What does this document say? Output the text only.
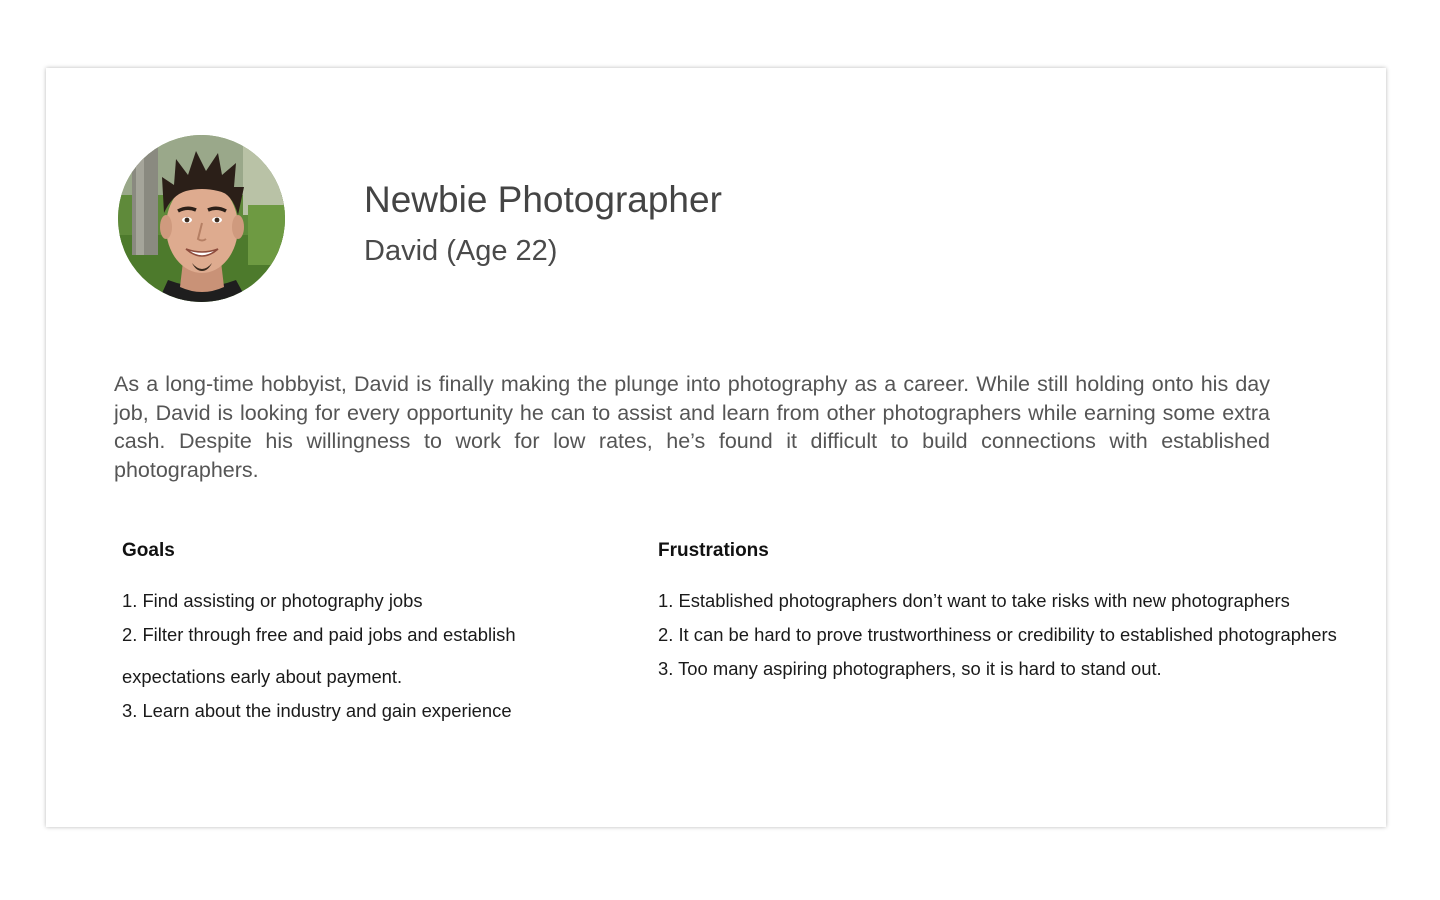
Newbie Photographer
David (Age 22)

As a long-time hobbyist, David is finally making the plunge into photography as a career. While still holding onto his day job, David is looking for every opportunity he can to assist and learn from other photographers while earning some extra cash. Despite his willingness to work for low rates, he’s found it difficult to build connections with established photographers.

Goals
1. Find assisting or photography jobs
2. Filter through free and paid jobs and establish expectations early about payment.
3. Learn about the industry and gain experience
Frustrations
1. Established photographers don’t want to take risks with new photographers
2. It can be hard to prove trustworthiness or credibility to established photographers
3. Too many aspiring photographers, so it is hard to stand out.
